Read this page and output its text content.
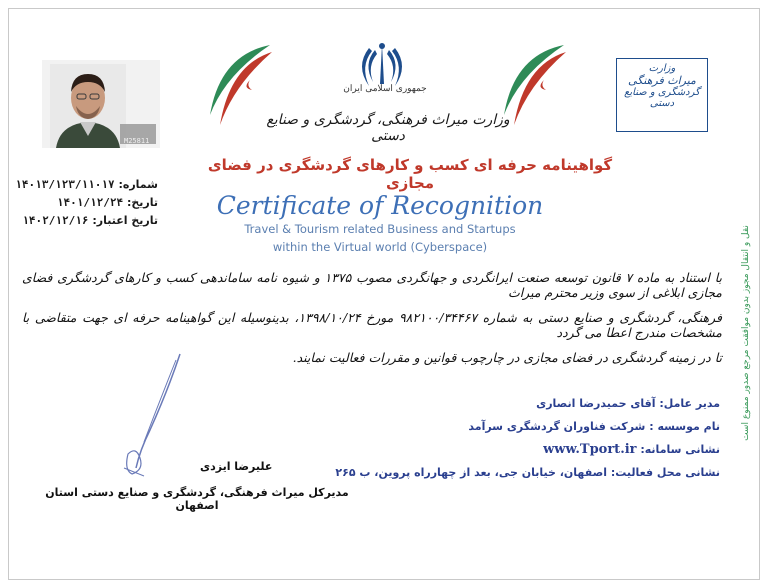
M25811
جمهوری اسلامی ایران
وزارت میراث فرهنگی، گردشگری و صنایع دستی
وزارت
میراث فرهنگی
گردشگری و صنایع دستی
گواهینامه حرفه ای کسب و کارهای گردشگری در فضای مجازی
شماره: ۱۴۰۱۳/۱۲۳/۱۱۰۱۷
تاریخ: ۱۴۰۱/۱۲/۲۴
تاریخ اعتبار: ۱۴۰۲/۱۲/۱۶
Certificate of Recognition
Travel & Tourism related Business and Startups
within the Virtual world (Cyberspace)
با استناد به ماده ۷ قانون توسعه صنعت ایرانگردی و جهانگردی مصوب ۱۳۷۵ و شیوه نامه ساماندهی کسب و کارهای گردشگری فضای مجازی ابلاغی از سوی وزیر محترم میراث
فرهنگی، گردشگری و صنایع دستی به شماره ۹۸۲۱۰۰/۳۴۴۶۷ مورخ ۱۳۹۸/۱۰/۲۴، بدینوسیله این گواهینامه حرفه ای جهت متقاضی با مشخصات مندرج اعطا می گردد
تا در زمینه گردشگری در فضای مجازی در چارچوب قوانین و مقررات فعالیت نمایند. نقل و انتقال مجوز بدون موافقت مرجع صدور ممنوع است
علیرضا ایزدی
مدیرکل میراث فرهنگی، گردشگری و صنایع دستی استان اصفهان
مدیر عامل: آقای حمیدرضا انصاری
نام موسسه : شرکت فناوران گردشگری سرآمد
نشانی سامانه: www.Tport.ir
نشانی محل فعالیت: اصفهان، خیابان جی، بعد از چهارراه پروین، ب ۲۶۵
